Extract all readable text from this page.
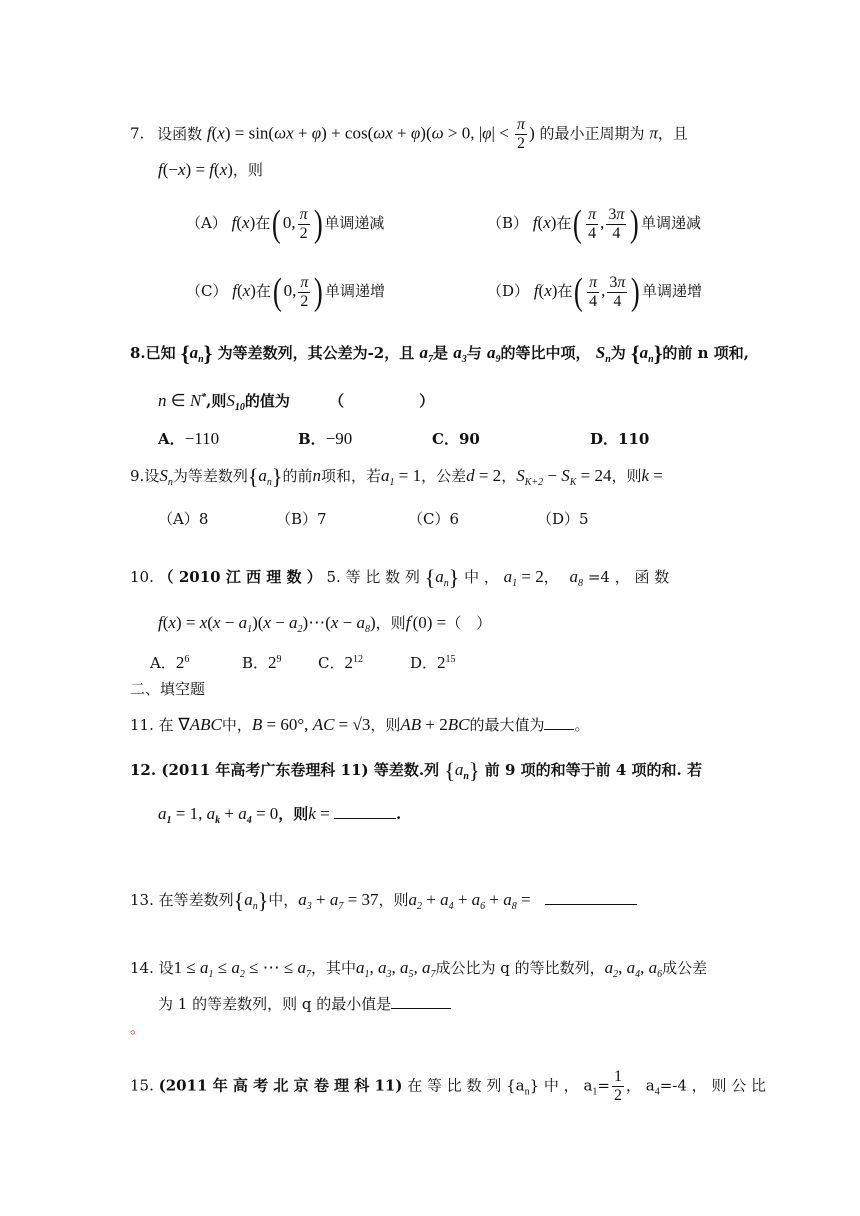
7. 设函数 f(x) = sin(ωx + φ) + cos(ωx + φ)(ω > 0, $|\varphi| < \frac{\pi}{2}$ ) 的最小正周期为 π，且
f(−x) = f(x)，则
（A） f(x)在( 0, $\frac{\pi}{2}$ ) 单调递减	（B） f(x)在( $\frac{\pi}{4}$ , $\frac{3\pi}{4}$ ) 单调递减
（C） f(x)在( 0, $\frac{\pi}{2}$ ) 单调递增	（D） f(x)在( $\frac{\pi}{4}$ , $\frac{3\pi}{4}$ ) 单调递增
8.已知 $\{a_n\}$ 为等差数列，其公差为-2，且 $a_7$是 $a_3$与 $a_9$的等比中项， $S_n$为 $\{a_n\}$的前 n 项和,
n ∈ N*,则$S_{10}$的值为	（　　　　　）
A．−110	B．−90	C．90	D．110
9.设$S_n$为等差数列$\{a_n\}$的前n项和，若$a_1 = 1$，公差d = 2，$S_{K+2} - S_K = 24$，则k =
（A）8	（B）7	（C）6	（D）5
10. （ 2010 江 西 理 数 ） 5. 等 比 数 列 $\{a_n\}$ 中 ， $a_1 = 2$， $a_8 =4$ ， 函 数
$f(x) = x(x - a_1)(x$ − $a_2)\cdots(x - a_8)$，则f'(0) =（　）
A．$2^6$	B．$2^9$ C．$2^{12}$	D．$2^{15}$
二、填空题
11. 在 ∇ABC中，B = 60°, AC = √3，则AB + 2BC的最大值为 。
12. (2011 年高考广东卷理科 11) 等差数.列 $\{a_n\}$ 前 9 项的和等于前 4 项的和. 若
$a_1 = 1$, $a_k + a_4 = 0$，则k =	.
13. 在等差数列$\{a_n\}$中，$a_3 + a_7 = 37$，则$a_2 + a_4 + a_6 + a_8$ =
14. 设$1 \le a_1 \le a_2$ ≤ ⋯ ≤ $a_7$，其中$a_1$, $a_3$, $a_5$, $a_7$成公比为 q 的等比数列，$a_2$, $a_4$, $a_6$成公差
为 1 的等差数列，则 q 的最小值是
。
15. (2011 年 高 考 北 京 卷 理 科 11) 在 等 比 数 列 $\{a_n\}$ 中 ， $a_1= \frac{1}{2}$ ， $a_4=-4$ ， 则 公 比
